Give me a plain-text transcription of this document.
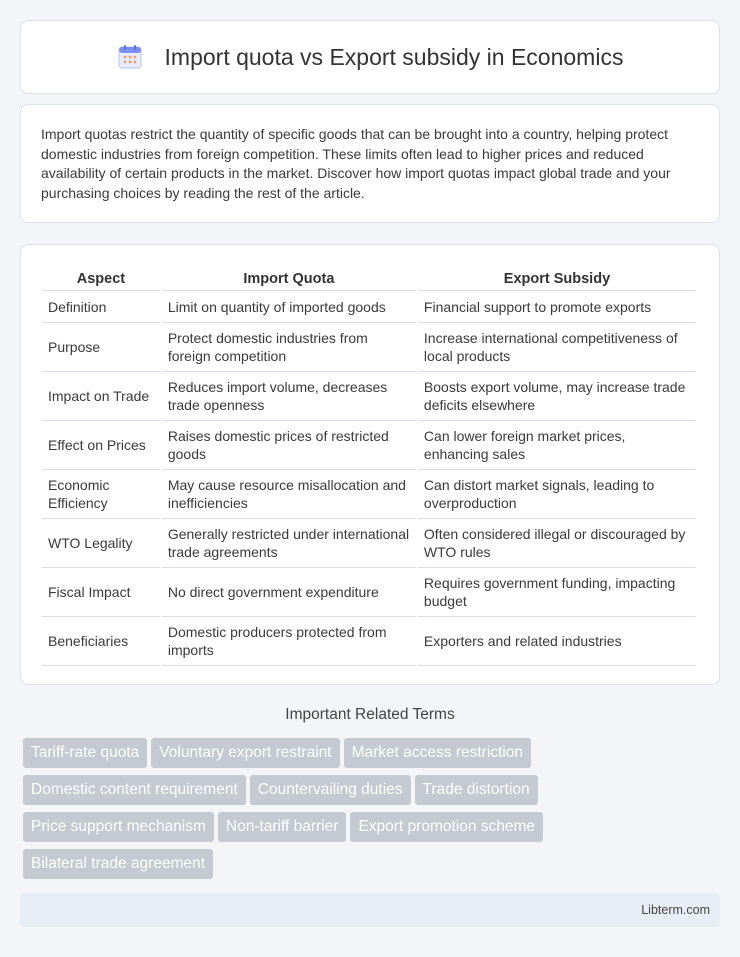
Import quota vs Export subsidy in Economics

Import quotas restrict the quantity of specific goods that can be brought into a country, helping protect domestic industries from foreign competition. These limits often lead to higher prices and reduced availability of certain products in the market. Discover how import quotas impact global trade and your purchasing choices by reading the rest of the article.

Aspect	Import Quota	Export Subsidy
Definition	Limit on quantity of imported goods	Financial support to promote exports
Purpose	Protect domestic industries from foreign competition	Increase international competitiveness of local products
Impact on Trade	Reduces import volume, decreases trade openness	Boosts export volume, may increase trade deficits elsewhere
Effect on Prices	Raises domestic prices of restricted goods	Can lower foreign market prices, enhancing sales
Economic Efficiency	May cause resource misallocation and inefficiencies	Can distort market signals, leading to overproduction
WTO Legality	Generally restricted under international trade agreements	Often considered illegal or discouraged by WTO rules
Fiscal Impact	No direct government expenditure	Requires government funding, impacting budget
Beneficiaries	Domestic producers protected from imports	Exporters and related industries
Important Related Terms
Tariff-rate quota Voluntary export restraint Market access restriction
Domestic content requirement Countervailing duties Trade distortion
Price support mechanism Non-tariff barrier Export promotion scheme
Bilateral trade agreement
Libterm.com
